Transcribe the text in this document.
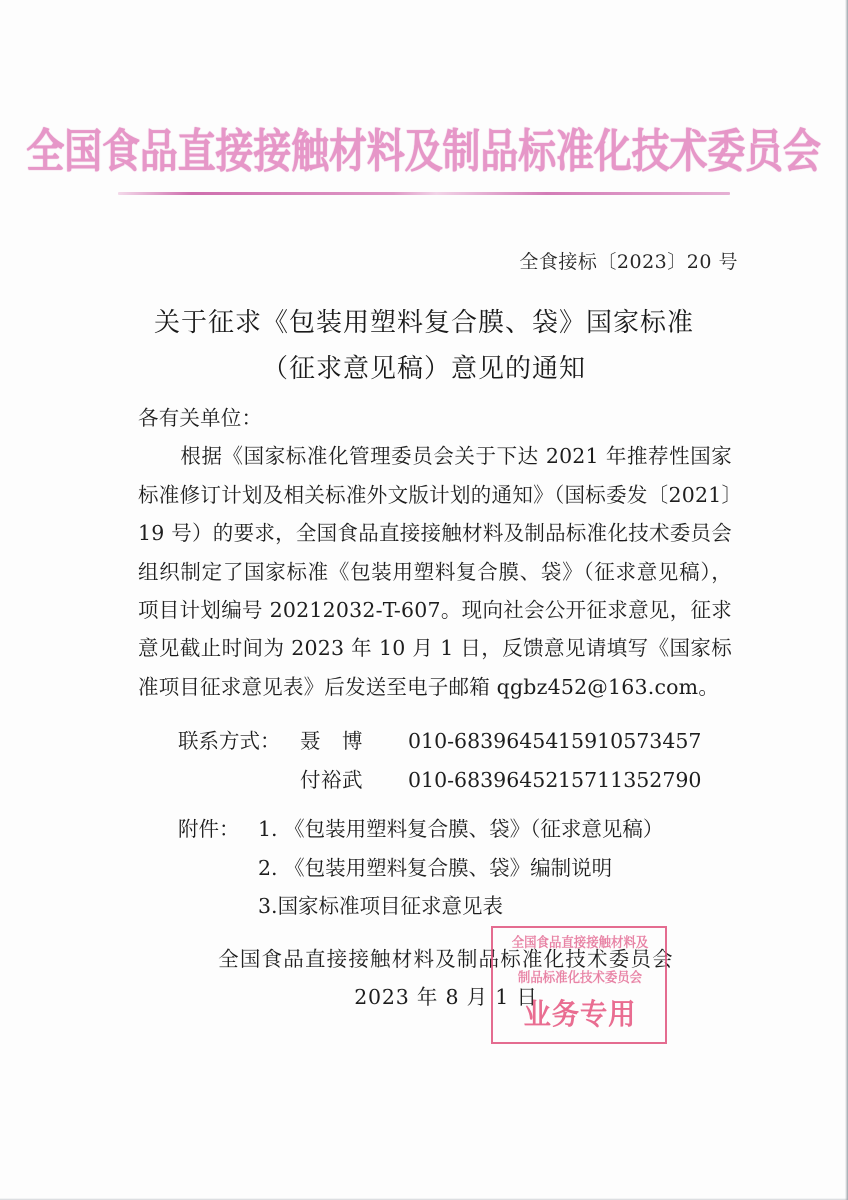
全国食品直接接触材料及制品标准化技术委员会
全食接标〔2023〕20 号
关于征求《包装用塑料复合膜、袋》国家标准
（征求意见稿）意见的通知

各有关单位：

根据《国家标准化管理委员会关于下达 2021 年推荐性国家标准修订计划及相关标准外文版计划的通知》（国标委发〔2021〕19 号）的要求，全国食品直接接触材料及制品标准化技术委员会组织制定了国家标准《包装用塑料复合膜、袋》（征求意见稿），项目计划编号 20212032-T-607。现向社会公开征求意见，征求意见截止时间为 2023 年 10 月 1 日，反馈意见请填写《国家标准项目征求意见表》后发送至电子邮箱 qgbz452@163.com。

联系方式： 聂　博	010-68396454 15910573457
付裕武	010-68396452 15711352790
附件： 1. 《包装用塑料复合膜、袋》（征求意见稿）
2. 《包装用塑料复合膜、袋》编制说明
3.国家标准项目征求意见表
全国食品直接接触材料及制品标准化技术委员会
2023 年 8 月 1 日
全国食品直接接触材料及
制品标准化技术委员会
业务专用
